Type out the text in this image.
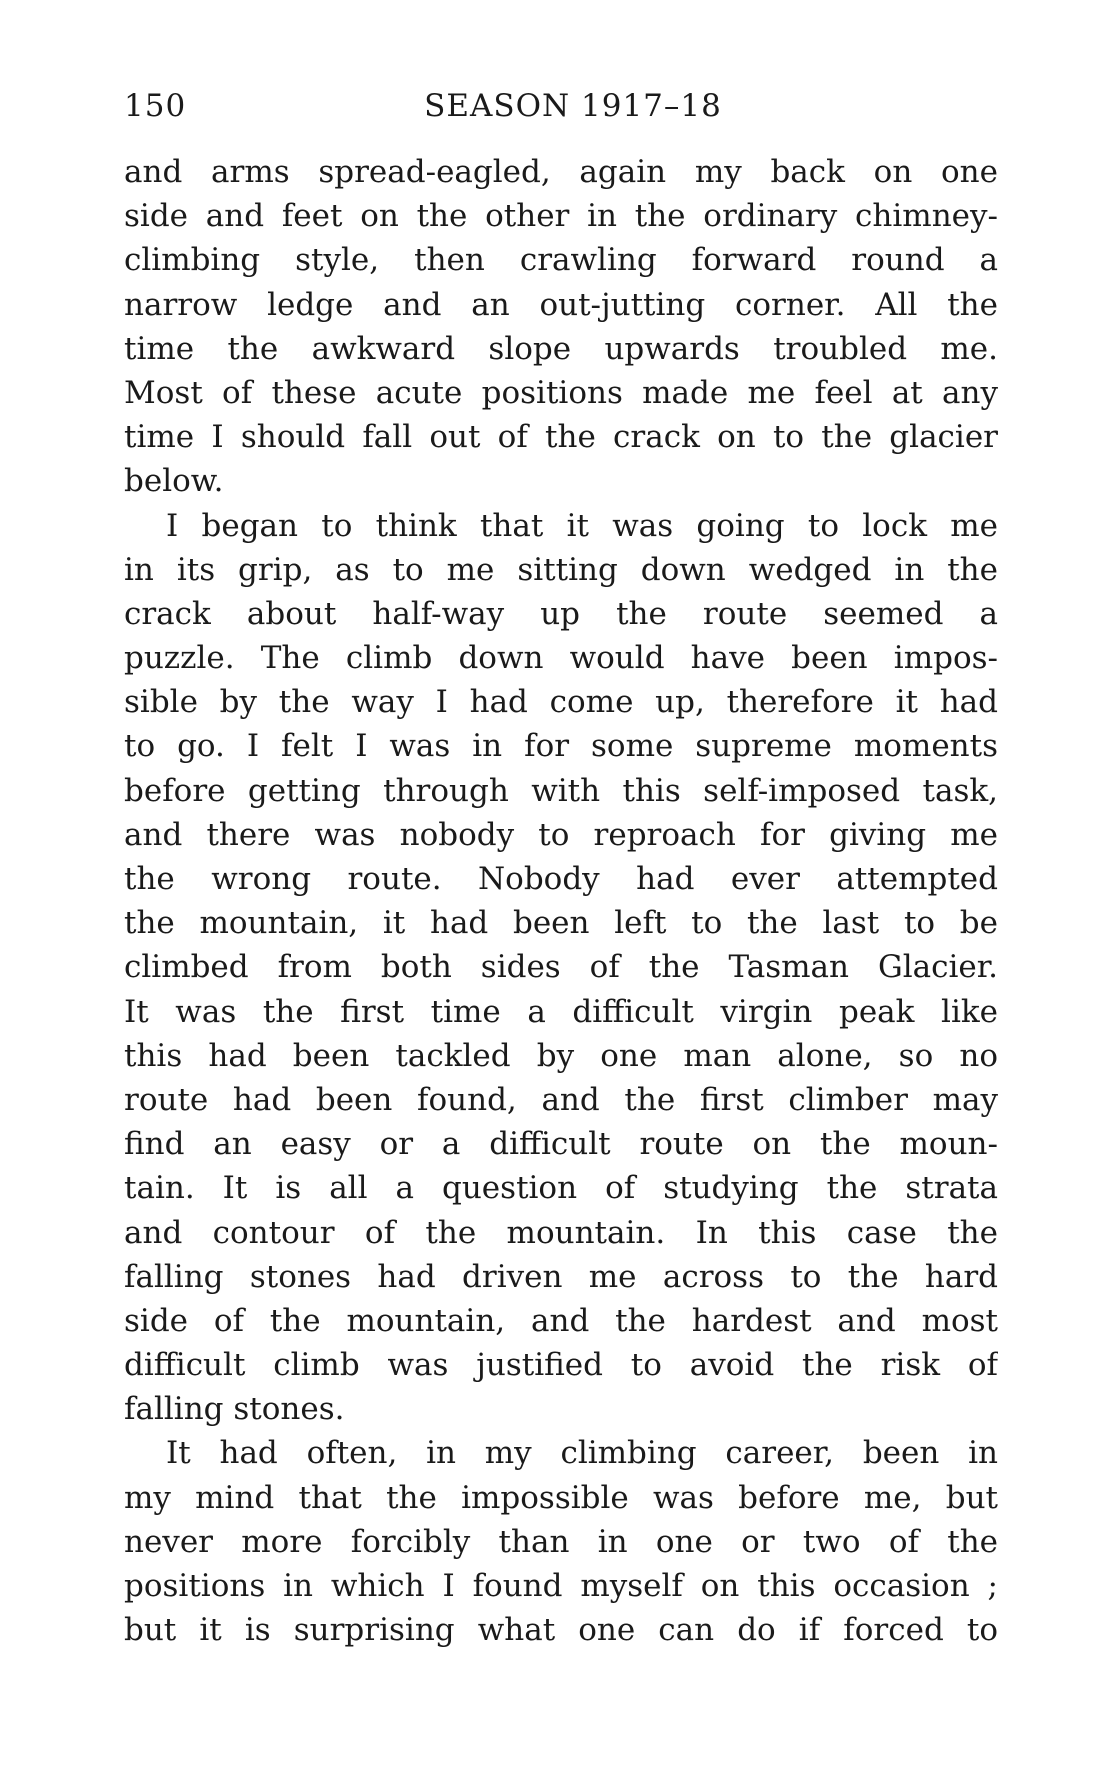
150	SEASON 1917–18
and arms spread-eagled, again my back on one
side and feet on the other in the ordinary chimney-
climbing style, then crawling forward round a
narrow ledge and an out-jutting corner. All the
time the awkward slope upwards troubled me.
Most of these acute positions made me feel at any
time I should fall out of the crack on to the glacier
below.
I began to think that it was going to lock me
in its grip, as to me sitting down wedged in the
crack about half-way up the route seemed a
puzzle. The climb down would have been impos-
sible by the way I had come up, therefore it had
to go. I felt I was in for some supreme moments
before getting through with this self-imposed task,
and there was nobody to reproach for giving me
the wrong route. Nobody had ever attempted
the mountain, it had been left to the last to be
climbed from both sides of the Tasman Glacier.
It was the first time a difficult virgin peak like
this had been tackled by one man alone, so no
route had been found, and the first climber may
find an easy or a difficult route on the moun-
tain. It is all a question of studying the strata
and contour of the mountain. In this case the
falling stones had driven me across to the hard
side of the mountain, and the hardest and most
difficult climb was justified to avoid the risk of
falling stones.
It had often, in my climbing career, been in
my mind that the impossible was before me, but
never more forcibly than in one or two of the
positions in which I found myself on this occasion ;
but it is surprising what one can do if forced to
